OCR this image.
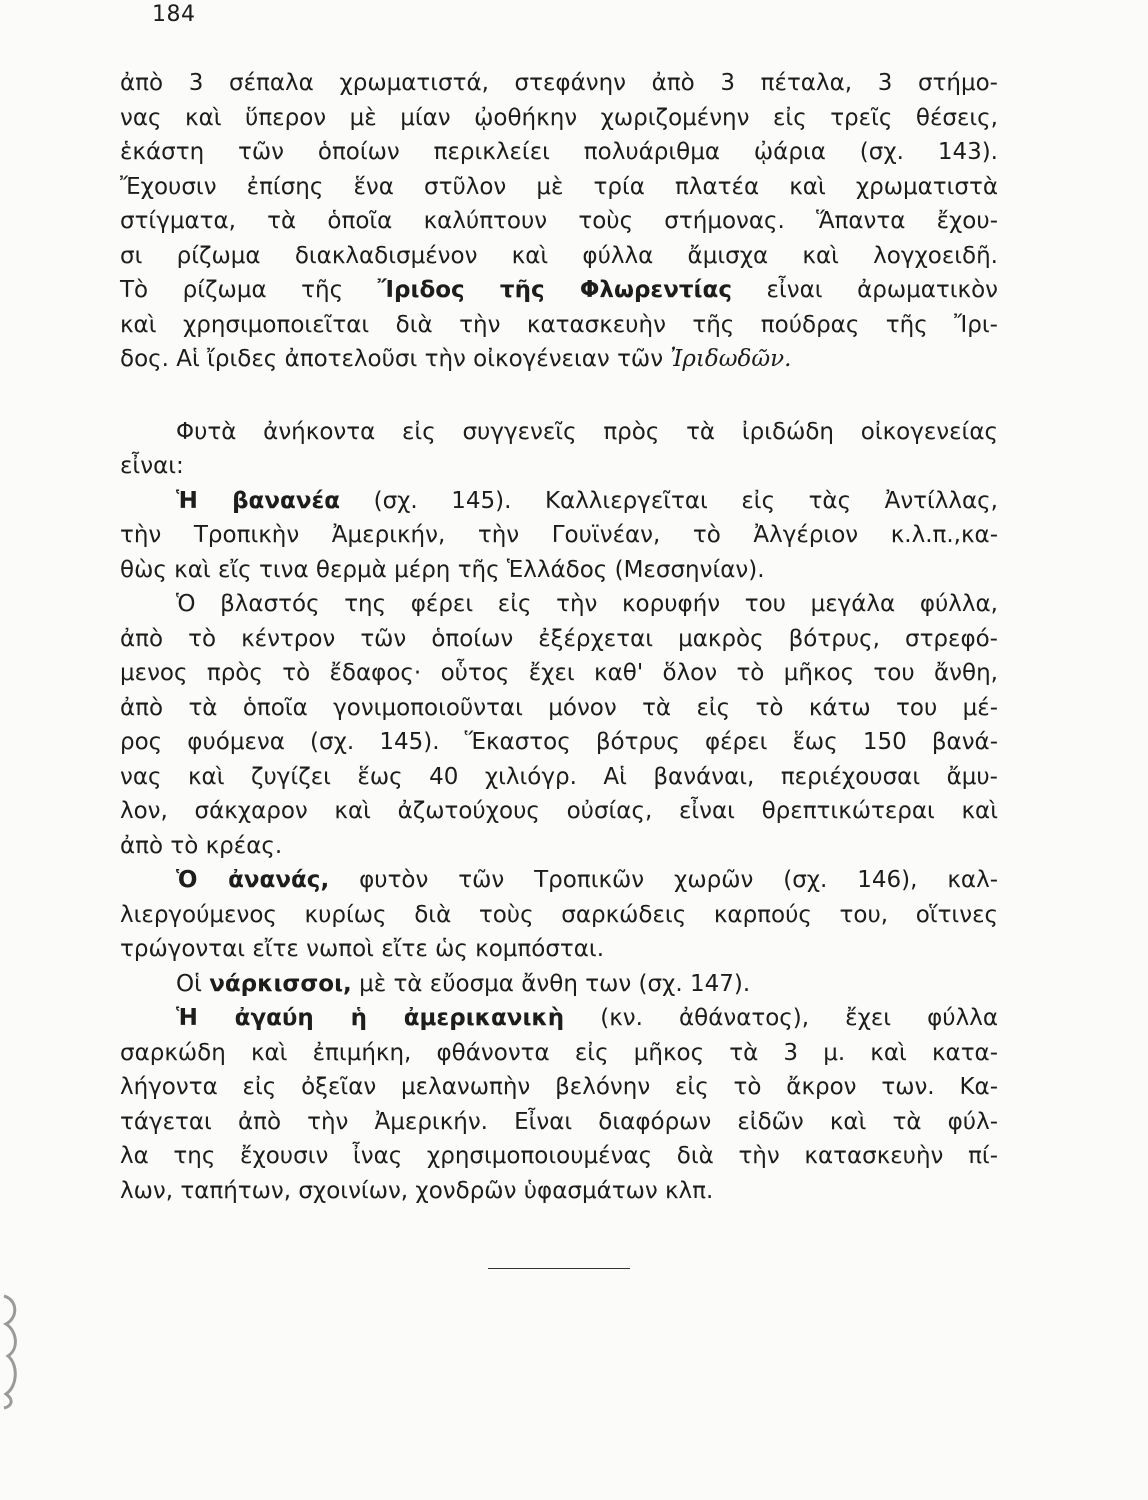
184
ἀπὸ 3 σέπαλα χρωματιστά, στεφάνην ἀπὸ 3 πέταλα, 3 στήμο-
νας καὶ ὕπερον μὲ μίαν ᾠοθήκην χωριζομένην εἰς τρεῖς θέσεις,
ἑκάστη τῶν ὁποίων περικλείει πολυάριθμα ᾠάρια (σχ. 143).
Ἔχουσιν ἐπίσης ἕνα στῦλον μὲ τρία πλατέα καὶ χρωματιστὰ
στίγματα, τὰ ὁποῖα καλύπτουν τοὺς στήμονας. Ἅπαντα ἔχου-
σι ρίζωμα διακλαδισμένον καὶ φύλλα ἄμισχα καὶ λογχοειδῆ.
Τὸ ρίζωμα τῆς Ἴριδος τῆς Φλωρεντίας εἶναι ἀρωματικὸν
καὶ χρησιμοποιεῖται διὰ τὴν κατασκευὴν τῆς πούδρας τῆς Ἴρι-
δος. Αἱ ἴριδες ἀποτελοῦσι τὴν οἰκογένειαν τῶν Ἰριδωδῶν.
Φυτὰ ἀνήκοντα εἰς συγγενεῖς πρὸς τὰ ἰριδώδη οἰκογενείας
εἶναι:
Ἡ βανανέα (σχ. 145). Καλλιεργεῖται εἰς τὰς Ἀντίλλας,
τὴν Τροπικὴν Ἀμερικήν, τὴν Γουϊνέαν, τὸ Ἀλγέριον κ.λ.π.,κα-
θὼς καὶ εἴς τινα θερμὰ μέρη τῆς Ἑλλάδος (Μεσσηνίαν).
Ὁ βλαστός της φέρει εἰς τὴν κορυφήν του μεγάλα φύλλα,
ἀπὸ τὸ κέντρον τῶν ὁποίων ἐξέρχεται μακρὸς βότρυς, στρεφό-
μενος πρὸς τὸ ἔδαφος· οὗτος ἔχει καθ' ὅλον τὸ μῆκος του ἄνθη,
ἀπὸ τὰ ὁποῖα γονιμοποιοῦνται μόνον τὰ εἰς τὸ κάτω του μέ-
ρος φυόμενα (σχ. 145). Ἕκαστος βότρυς φέρει ἕως 150 βανά-
νας καὶ ζυγίζει ἕως 40 χιλιόγρ. Αἱ βανάναι, περιέχουσαι ἄμυ-
λον, σάκχαρον καὶ ἀζωτούχους οὐσίας, εἶναι θρεπτικώτεραι καὶ
ἀπὸ τὸ κρέας.
Ὁ ἀνανάς, φυτὸν τῶν Τροπικῶν χωρῶν (σχ. 146), καλ-
λιεργούμενος κυρίως διὰ τοὺς σαρκώδεις καρπούς του, οἵτινες
τρώγονται εἴτε νωποὶ εἴτε ὡς κομπόσται.
Οἱ νάρκισσοι, μὲ τὰ εὔοσμα ἄνθη των (σχ. 147).
Ἡ ἀγαύη ἡ ἀμερικανικὴ (κν. ἀθάνατος), ἔχει φύλλα
σαρκώδη καὶ ἐπιμήκη, φθάνοντα εἰς μῆκος τὰ 3 μ. καὶ κατα-
λήγοντα εἰς ὀξεῖαν μελανωπὴν βελόνην εἰς τὸ ἄκρον των. Κα-
τάγεται ἀπὸ τὴν Ἀμερικήν. Εἶναι διαφόρων εἰδῶν καὶ τὰ φύλ-
λα της ἔχουσιν ἶνας χρησιμοποιουμένας διὰ τὴν κατασκευὴν πί-
λων, ταπήτων, σχοινίων, χονδρῶν ὑφασμάτων κλπ.
